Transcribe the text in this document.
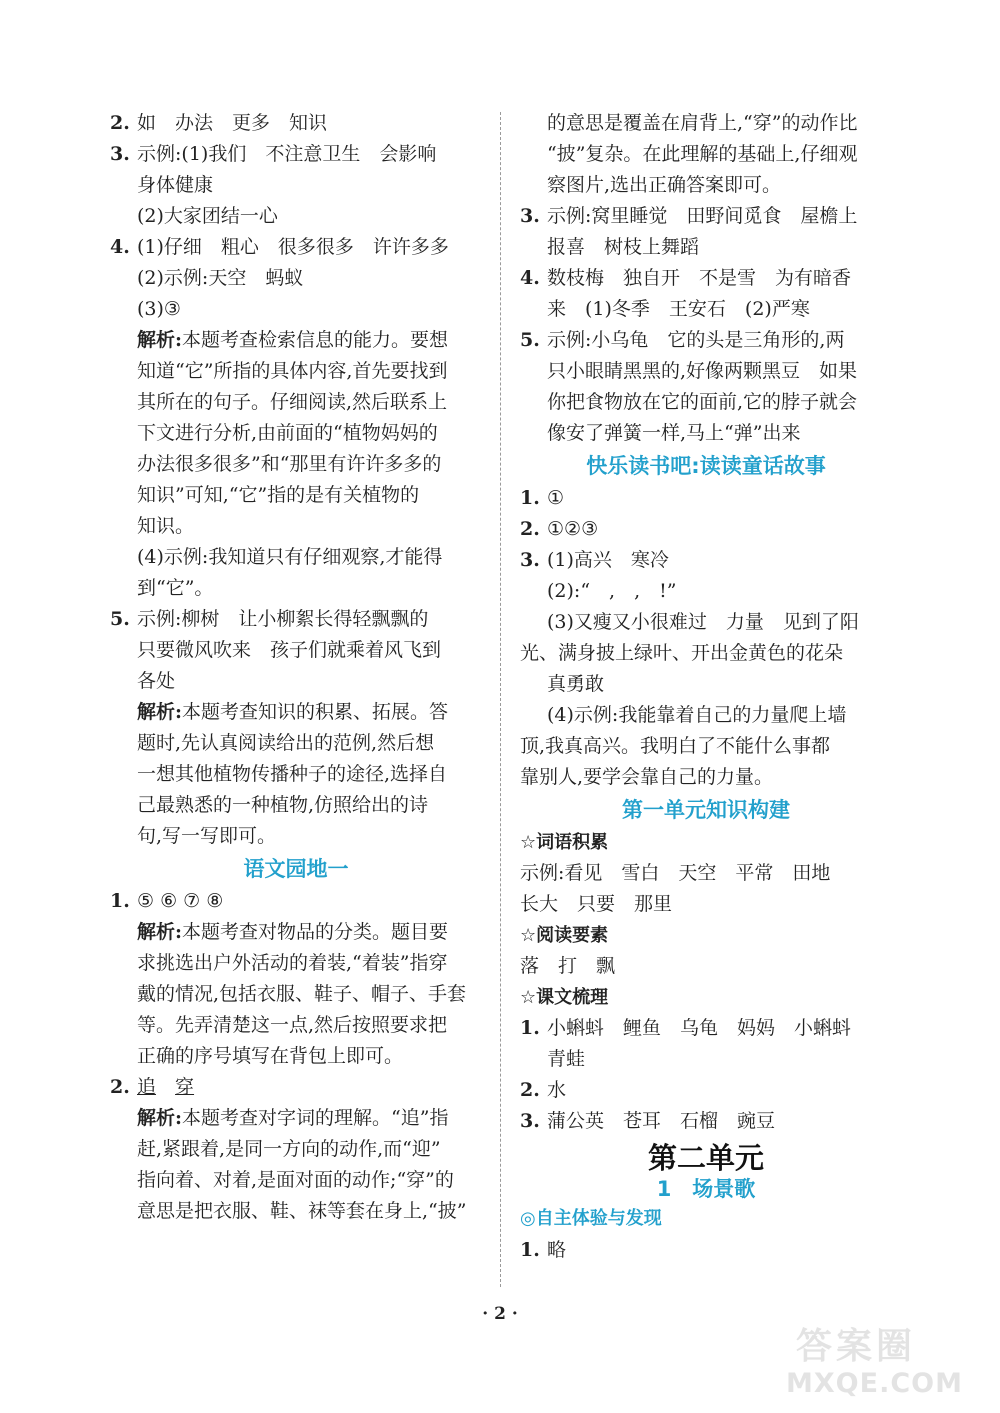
2. 如　办法　更多　知识
3. 示例:(1)我们　不注意卫生　会影响
身体健康
(2)大家团结一心
4. (1)仔细　粗心　很多很多　许许多多
(2)示例:天空　蚂蚁
(3)③
解析:本题考查检索信息的能力。要想
知道“它”所指的具体内容,首先要找到
其所在的句子。仔细阅读,然后联系上
下文进行分析,由前面的“植物妈妈的
办法很多很多”和“那里有许许多多的
知识”可知,“它”指的是有关植物的
知识。
(4)示例:我知道只有仔细观察,才能得
到“它”。
5. 示例:柳树　让小柳絮长得轻飘飘的
只要微风吹来　孩子们就乘着风飞到
各处
解析:本题考查知识的积累、拓展。答
题时,先认真阅读给出的范例,然后想
一想其他植物传播种子的途径,选择自
己最熟悉的一种植物,仿照给出的诗
句,写一写即可。
语文园地一
1. ⑤ ⑥ ⑦ ⑧
解析:本题考查对物品的分类。题目要
求挑选出户外活动的着装,“着装”指穿
戴的情况,包括衣服、鞋子、帽子、手套
等。先弄清楚这一点,然后按照要求把
正确的序号填写在背包上即可。
2. 追　 穿
解析:本题考查对字词的理解。“追”指
赶,紧跟着,是同一方向的动作,而“迎”
指向着、对着,是面对面的动作;“穿”的
意思是把衣服、鞋、袜等套在身上,“披”
的意思是覆盖在肩背上,“穿”的动作比
“披”复杂。在此理解的基础上,仔细观
察图片,选出正确答案即可。
3. 示例:窝里睡觉　田野间觅食　屋檐上
报喜　树枝上舞蹈
4. 数枝梅　独自开　不是雪　为有暗香
来　(1)冬季　王安石　(2)严寒
5. 示例:小乌龟　它的头是三角形的,两
只小眼睛黑黑的,好像两颗黑豆　如果
你把食物放在它的面前,它的脖子就会
像安了弹簧一样,马上“弹”出来
快乐读书吧:读读童话故事
1. ①
2. ①②③
3. (1)高兴　寒冷
(2):“　,　,　!”
(3)又瘦又小很难过　力量　见到了阳
光、满身披上绿叶、开出金黄色的花朵
真勇敢
(4)示例:我能靠着自己的力量爬上墙
顶,我真高兴。我明白了不能什么事都
靠别人,要学会靠自己的力量。
第一单元知识构建
☆词语积累
示例:看见　雪白　天空　平常　田地
长大　只要　那里
☆阅读要素
落　打　飘
☆课文梳理
1. 小蝌蚪　鲤鱼　乌龟　妈妈　小蝌蚪
青蛙
2. 水
3. 蒲公英　苍耳　石榴　豌豆
第二单元
1　场景歌
◎自主体验与发现
1. 略
· 2 ·
答案圈
MXQE.COM
